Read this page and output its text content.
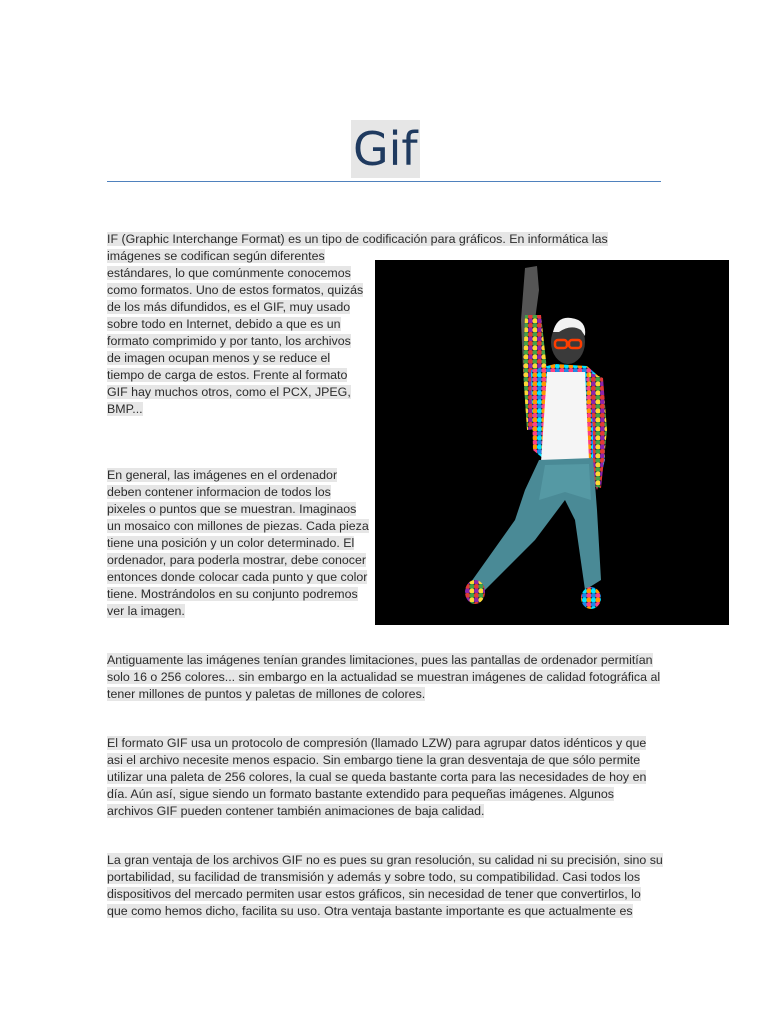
Gif

IF (Graphic Interchange Format) es un tipo de codificación para gráficos. En informática las
imágenes se codifican según diferentes estándares, lo que comúnmente conocemos como formatos. Uno de estos formatos, quizás de los más difundidos, es el GIF, muy usado sobre todo en Internet, debido a que es un formato comprimido y por tanto, los archivos de imagen ocupan menos y se reduce el tiempo de carga de estos. Frente al formato GIF hay muchos otros, como el PCX, JPEG, BMP...

En general, las imágenes en el ordenador deben contener informacion de todos los pixeles o puntos que se muestran. Imaginaos un mosaico con millones de piezas. Cada pieza tiene una posición y un color determinado. El ordenador, para poderla mostrar, debe conocer entonces donde colocar cada punto y que color tiene. Mostrándolos en su conjunto podremos ver la imagen.

Antiguamente las imágenes tenían grandes limitaciones, pues las pantallas de ordenador permitían solo 16 o 256 colores... sin embargo en la actualidad se muestran imágenes de calidad fotográfica al tener millones de puntos y paletas de millones de colores.

El formato GIF usa un protocolo de compresión (llamado LZW) para agrupar datos idénticos y que asi el archivo necesite menos espacio. Sin embargo tiene la gran desventaja de que sólo permite utilizar una paleta de 256 colores, la cual se queda bastante corta para las necesidades de hoy en día. Aún así, sigue siendo un formato bastante extendido para pequeñas imágenes. Algunos archivos GIF pueden contener también animaciones de baja calidad.

La gran ventaja de los archivos GIF no es pues su gran resolución, su calidad ni su precisión, sino su portabilidad, su facilidad de transmisión y además y sobre todo, su compatibilidad. Casi todos los dispositivos del mercado permiten usar estos gráficos, sin necesidad de tener que convertirlos, lo que como hemos dicho, facilita su uso. Otra ventaja bastante importante es que actualmente es
